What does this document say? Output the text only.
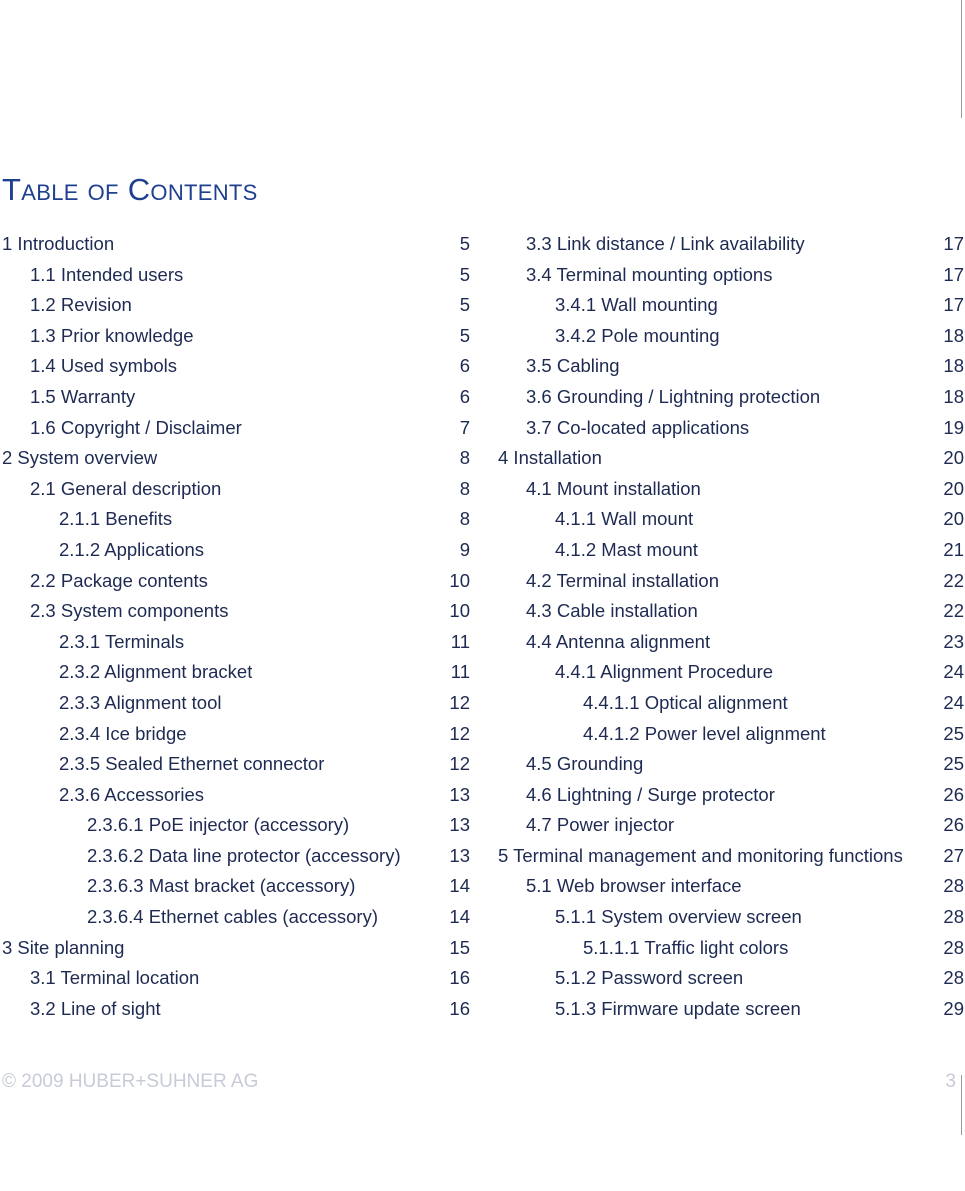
TABLE OF CONTENTS
1 Introduction	5
1.1 Intended users	5
1.2 Revision	5
1.3 Prior knowledge	5
1.4 Used symbols	6
1.5 Warranty	6
1.6 Copyright / Disclaimer	7
2 System overview	8
2.1 General description	8
2.1.1 Benefits	8
2.1.2 Applications	9
2.2 Package contents	10
2.3 System components	10
2.3.1 Terminals	11
2.3.2 Alignment bracket	11
2.3.3 Alignment tool	12
2.3.4 Ice bridge	12
2.3.5 Sealed Ethernet connector	12
2.3.6 Accessories	13
2.3.6.1 PoE injector (accessory)	13
2.3.6.2 Data line protector (accessory)	13
2.3.6.3 Mast bracket (accessory)	14
2.3.6.4 Ethernet cables (accessory)	14
3 Site planning	15
3.1 Terminal location	16
3.2 Line of sight	16
3.3 Link distance / Link availability	17
3.4 Terminal mounting options	17
3.4.1 Wall mounting	17
3.4.2 Pole mounting	18
3.5 Cabling	18
3.6 Grounding / Lightning protection	18
3.7 Co-located applications	19
4 Installation	20
4.1 Mount installation	20
4.1.1 Wall mount	20
4.1.2 Mast mount	21
4.2 Terminal installation	22
4.3 Cable installation	22
4.4 Antenna alignment	23
4.4.1 Alignment Procedure	24
4.4.1.1 Optical alignment	24
4.4.1.2 Power level alignment	25
4.5 Grounding	25
4.6 Lightning / Surge protector	26
4.7 Power injector	26
5 Terminal management and monitoring functions	27
5.1 Web browser interface	28
5.1.1 System overview screen	28
5.1.1.1 Traffic light colors	28
5.1.2 Password screen	28
5.1.3 Firmware update screen	29
© 2009 HUBER+SUHNER AG	3
